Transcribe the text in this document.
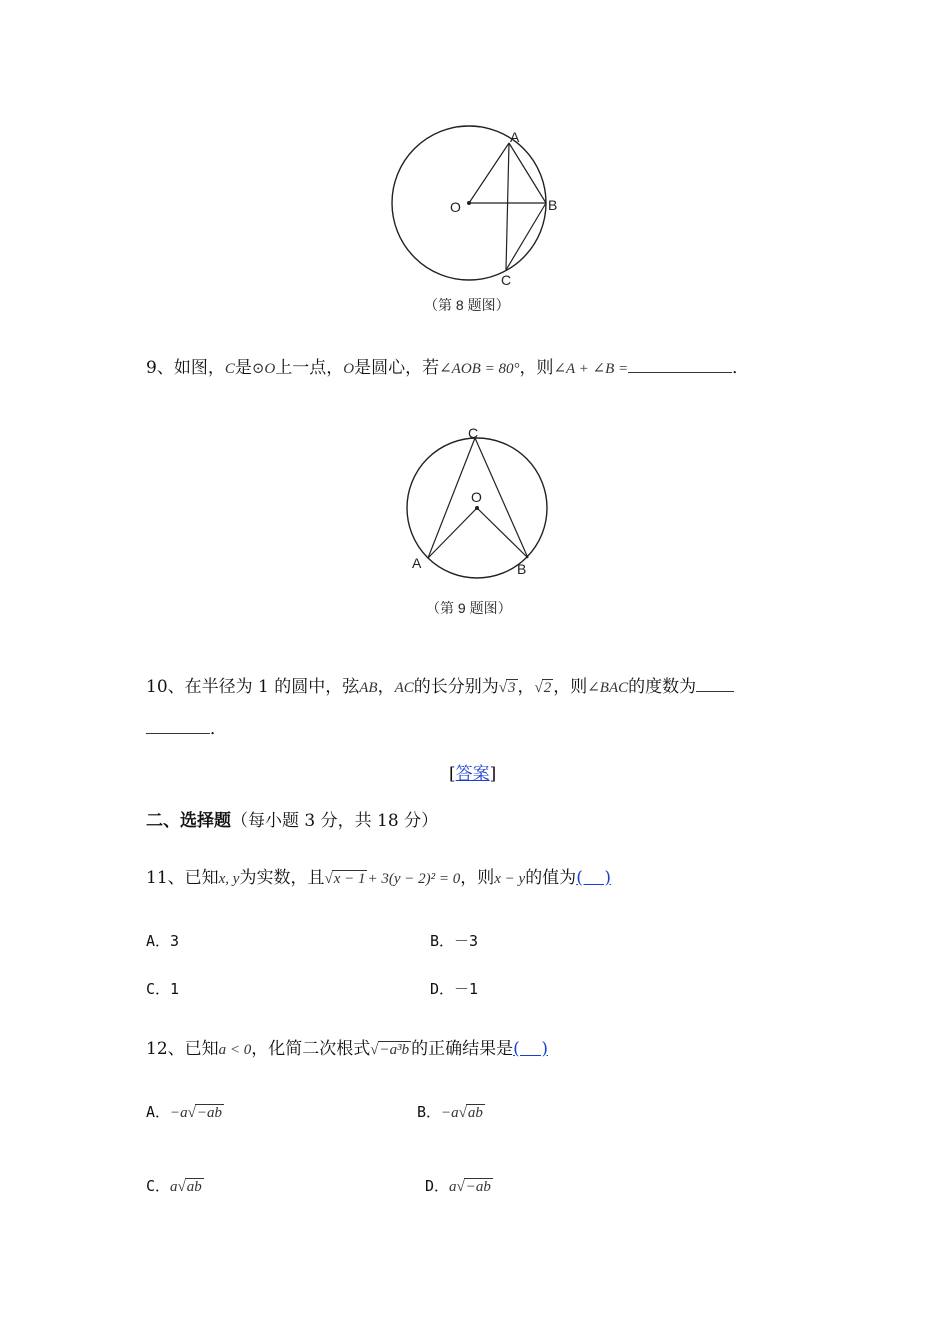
A
B
C
O
（第 8 题图）
9、如图，C是⊙O上一点，O是圆心，若∠AOB = 80°，则∠A + ∠B =	．
C
O
A	B
（第 9 题图）
10、在半径为 1 的圆中，弦AB，AC的长分别为√3 ，√2 ，则∠BAC的度数为
．
[答案]
二、选择题（每小题 3 分，共 18 分）
11、已知x, y为实数，且√x − 1 + 3(y − 2)² = 0，则x − y的值为(    )
A．3	B．－3
C．1	D．－1
12、已知a < 0，化简二次根式√−a³b 的正确结果是(    )
A．−a√−ab	B．−a√ab
C．a√ab	D．a√−ab
